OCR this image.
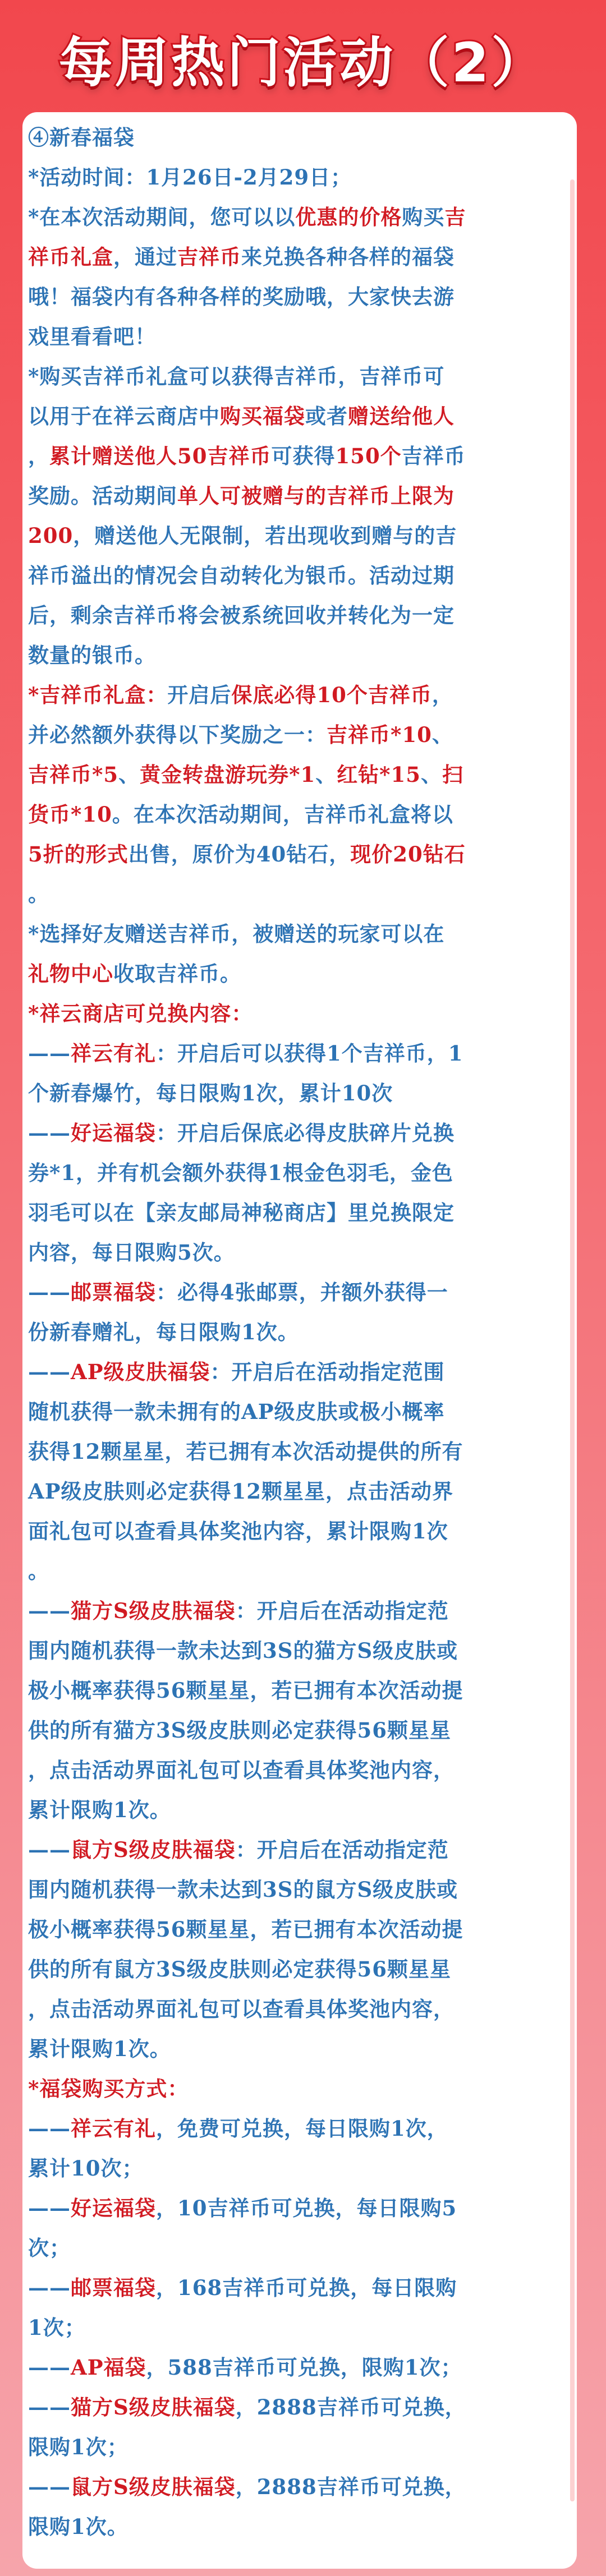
每周热门活动（2）
④新春福袋
*活动时间：1月26日-2月29日；
*在本次活动期间，您可以以优惠的价格购买吉
祥币礼盒，通过吉祥币来兑换各种各样的福袋
哦！福袋内有各种各样的奖励哦，大家快去游
戏里看看吧！
*购买吉祥币礼盒可以获得吉祥币，吉祥币可
以用于在祥云商店中购买福袋或者赠送给他人
，累计赠送他人50吉祥币可获得150个吉祥币
奖励。活动期间单人可被赠与的吉祥币上限为
200，赠送他人无限制，若出现收到赠与的吉
祥币溢出的情况会自动转化为银币。活动过期
后，剩余吉祥币将会被系统回收并转化为一定
数量的银币。
*吉祥币礼盒：开启后保底必得10个吉祥币，
并必然额外获得以下奖励之一：吉祥币*10、
吉祥币*5、黄金转盘游玩券*1、红钻*15、扫
货币*10。在本次活动期间，吉祥币礼盒将以
5折的形式出售，原价为40钻石，现价20钻石
。
*选择好友赠送吉祥币，被赠送的玩家可以在
礼物中心收取吉祥币。
*祥云商店可兑换内容：
——祥云有礼：开启后可以获得1个吉祥币，1
个新春爆竹，每日限购1次，累计10次
——好运福袋：开启后保底必得皮肤碎片兑换
券*1，并有机会额外获得1根金色羽毛，金色
羽毛可以在【亲友邮局神秘商店】里兑换限定
内容，每日限购5次。
——邮票福袋：必得4张邮票，并额外获得一
份新春赠礼，每日限购1次。
——AP级皮肤福袋：开启后在活动指定范围
随机获得一款未拥有的AP级皮肤或极小概率
获得12颗星星，若已拥有本次活动提供的所有
AP级皮肤则必定获得12颗星星，点击活动界
面礼包可以查看具体奖池内容，累计限购1次
。
——猫方S级皮肤福袋：开启后在活动指定范
围内随机获得一款未达到3S的猫方S级皮肤或
极小概率获得56颗星星，若已拥有本次活动提
供的所有猫方3S级皮肤则必定获得56颗星星
，点击活动界面礼包可以查看具体奖池内容，
累计限购1次。
——鼠方S级皮肤福袋：开启后在活动指定范
围内随机获得一款未达到3S的鼠方S级皮肤或
极小概率获得56颗星星，若已拥有本次活动提
供的所有鼠方3S级皮肤则必定获得56颗星星
，点击活动界面礼包可以查看具体奖池内容，
累计限购1次。
*福袋购买方式：
——祥云有礼，免费可兑换，每日限购1次，
累计10次；
——好运福袋，10吉祥币可兑换，每日限购5
次；
——邮票福袋，168吉祥币可兑换，每日限购
1次；
——AP福袋，588吉祥币可兑换，限购1次；
——猫方S级皮肤福袋，2888吉祥币可兑换，
限购1次；
——鼠方S级皮肤福袋，2888吉祥币可兑换，
限购1次。
